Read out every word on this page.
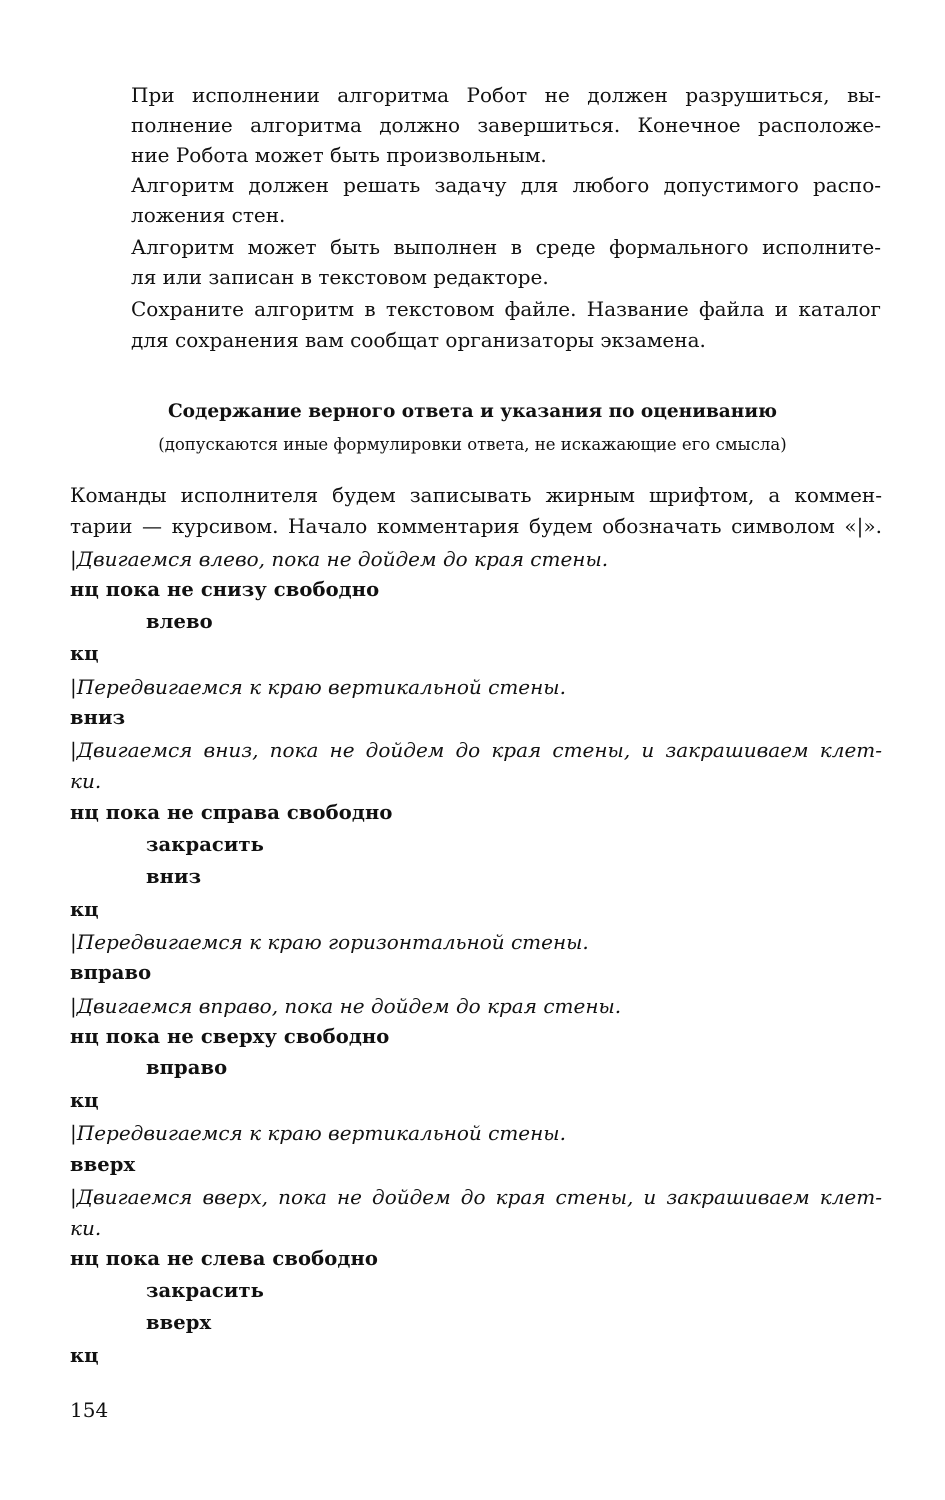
При исполнении алгоритма Робот не должен разрушиться, вы-
полнение алгоритма должно завершиться. Конечное расположе-
ние Робота может быть произвольным.
Алгоритм должен решать задачу для любого допустимого распо-
ложения стен.
Алгоритм может быть выполнен в среде формального исполните-
ля или записан в текстовом редакторе.
Сохраните алгоритм в текстовом файле. Название файла и каталог
для сохранения вам сообщат организаторы экзамена.
Содержание верного ответа и указания по оцениванию
(допускаются иные формулировки ответа, не искажающие его смысла)
Команды исполнителя будем записывать жирным шрифтом, а коммен-
тарии — курсивом. Начало комментария будем обозначать символом «|».
|Двигаемся влево, пока не дойдем до края стены.
нц пока не снизу свободно
влево
кц
|Передвигаемся к краю вертикальной стены.
вниз
|Двигаемся вниз, пока не дойдем до края стены, и закрашиваем клет-
ки.
нц пока не справа свободно
закрасить
вниз
кц
|Передвигаемся к краю горизонтальной стены.
вправо
|Двигаемся вправо, пока не дойдем до края стены.
нц пока не сверху свободно
вправо
кц
|Передвигаемся к краю вертикальной стены.
вверх
|Двигаемся вверх, пока не дойдем до края стены, и закрашиваем клет-
ки.
нц пока не слева свободно
закрасить
вверх
кц
154
